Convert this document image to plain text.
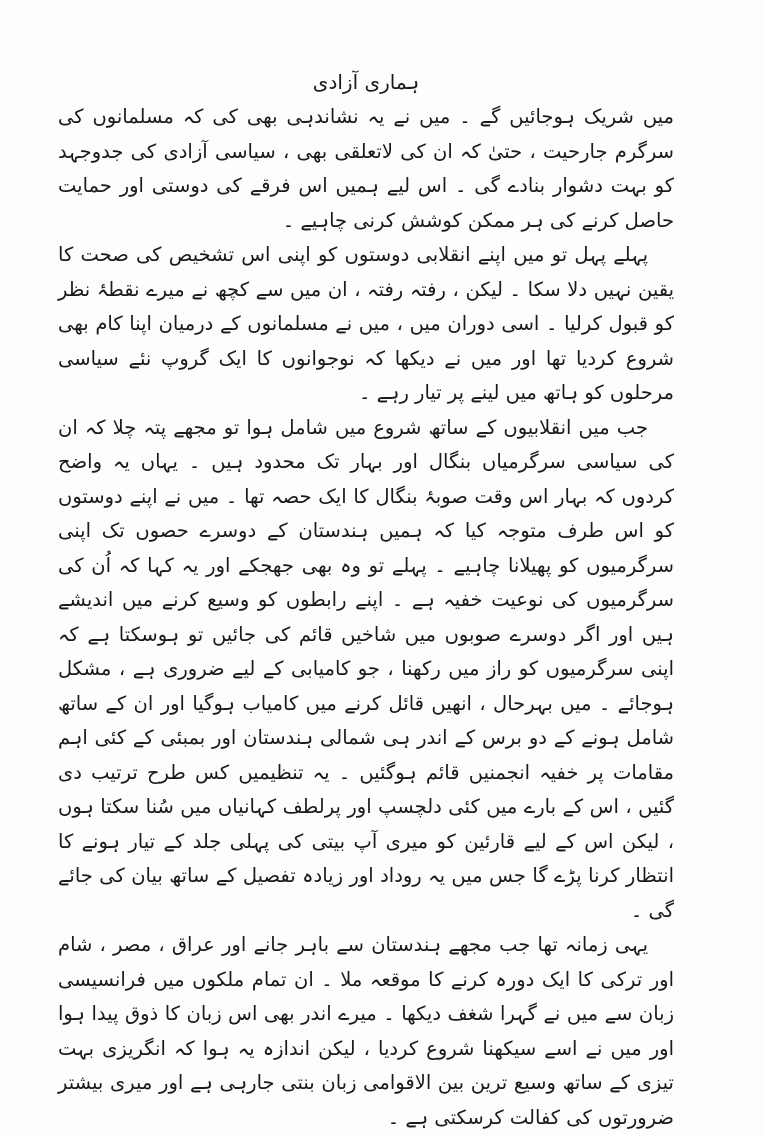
ہماری آزادی

میں شریک ہوجائیں گے ۔ میں نے یہ نشاندہی بھی کی کہ مسلمانوں کی سرگرم جارحیت ، حتیٰ کہ ان کی لاتعلقی بھی ، سیاسی آزادی کی جدوجہد کو بہت دشوار بنادے گی ۔ اس لیے ہمیں اس فرقے کی دوستی اور حمایت حاصل کرنے کی ہر ممکن کوشش کرنی چاہیے ۔

پہلے پہل تو میں اپنے انقلابی دوستوں کو اپنی اس تشخیص کی صحت کا یقین نہیں دلا سکا ۔ لیکن ، رفتہ رفتہ ، ان میں سے کچھ نے میرے نقطۂ نظر کو قبول کرلیا ۔ اسی دوران میں ، میں نے مسلمانوں کے درمیان اپنا کام بھی شروع کردیا تھا اور میں نے دیکھا کہ نوجوانوں کا ایک گروپ نئے سیاسی مرحلوں کو ہاتھ میں لینے پر تیار رہے ۔

جب میں انقلابیوں کے ساتھ شروع میں شامل ہوا تو مجھے پتہ چلا کہ ان کی سیاسی سرگرمیاں بنگال اور بہار تک محدود ہیں ۔ یہاں یہ واضح کردوں کہ بہار اس وقت صوبۂ بنگال کا ایک حصہ تھا ۔ میں نے اپنے دوستوں کو اس طرف متوجہ کیا کہ ہمیں ہندستان کے دوسرے حصوں تک اپنی سرگرمیوں کو پھیلانا چاہیے ۔ پہلے تو وہ بھی جھجکے اور یہ کہا کہ اُن کی سرگرمیوں کی نوعیت خفیہ ہے ۔ اپنے رابطوں کو وسیع کرنے میں اندیشے ہیں اور اگر دوسرے صوبوں میں شاخیں قائم کی جائیں تو ہوسکتا ہے کہ اپنی سرگرمیوں کو راز میں رکھنا ، جو کامیابی کے لیے ضروری ہے ، مشکل ہوجائے ۔ میں بہرحال ، انھیں قائل کرنے میں کامیاب ہوگیا اور ان کے ساتھ شامل ہونے کے دو برس کے اندر ہی شمالی ہندستان اور بمبئی کے کئی اہم مقامات پر خفیہ انجمنیں قائم ہوگئیں ۔ یہ تنظیمیں کس طرح ترتیب دی گئیں ، اس کے بارے میں کئی دلچسپ اور پرلطف کہانیاں میں سُنا سکتا ہوں ، لیکن اس کے لیے قارئین کو میری آپ بیتی کی پہلی جلد کے تیار ہونے کا انتظار کرنا پڑے گا جس میں یہ روداد اور زیادہ تفصیل کے ساتھ بیان کی جائے گی ۔

یہی زمانہ تھا جب مجھے ہندستان سے باہر جانے اور عراق ، مصر ، شام اور ترکی کا ایک دورہ کرنے کا موقعہ ملا ۔ ان تمام ملکوں میں فرانسیسی زبان سے میں نے گہرا شغف دیکھا ۔ میرے اندر بھی اس زبان کا ذوق پیدا ہوا اور میں نے اسے سیکھنا شروع کردیا ، لیکن اندازہ یہ ہوا کہ انگریزی بہت تیزی کے ساتھ وسیع ترین بین الاقوامی زبان بنتی جارہی ہے اور میری بیشتر ضرورتوں کی کفالت کرسکتی ہے ۔
